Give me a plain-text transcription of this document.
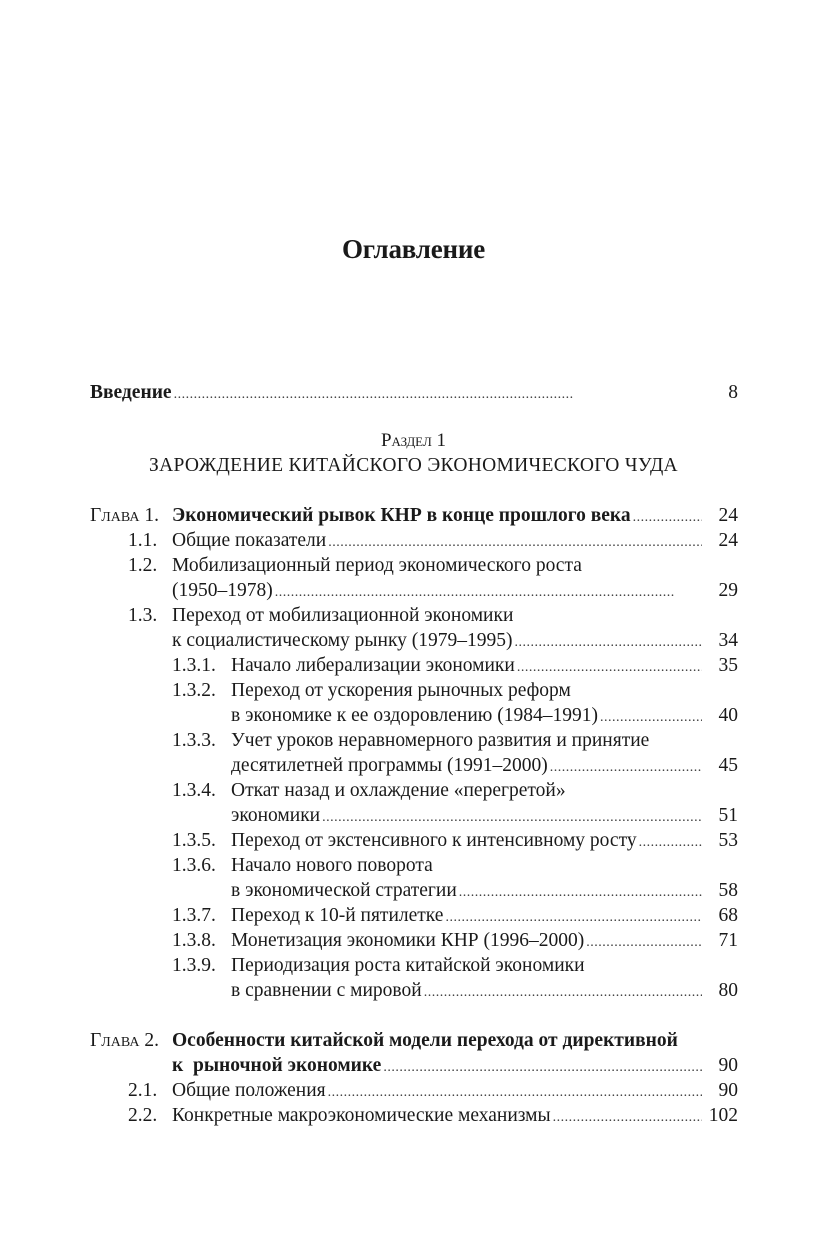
Оглавление
Введение . . .	8
Раздел 1
ЗАРОЖДЕНИЕ КИТАЙСКОГО ЭКОНОМИЧЕСКОГО ЧУДА
Глава 1. Экономический рывок КНР в конце прошлого века . . .	24
1.1. Общие показатели . . .	24
1.2. Мобилизационный период экономического роста
(1950–1978) . . .	29
1.3. Переход от мобилизационной экономики
к социалистическому рынку (1979–1995) . . .	34
1.3.1. Начало либерализации экономики . . .	35
1.3.2. Переход от ускорения рыночных реформ
в экономике к ее оздоровлению (1984–1991) . . .	40
1.3.3. Учет уроков неравномерного развития и принятие
десятилетней программы (1991–2000) . . .	45
1.3.4. Откат назад и охлаждение «перегретой»
экономики . . .	51
1.3.5. Переход от экстенсивного к интенсивному росту . . .	53
1.3.6. Начало нового поворота
в экономической стратегии . . .	58
1.3.7. Переход к 10-й пятилетке . . .	68
1.3.8. Монетизация экономики КНР (1996–2000) . . .	71
1.3.9. Периодизация роста китайской экономики
в сравнении с мировой . . .	80
Глава 2. Особенности китайской модели перехода от директивной
к  рыночной экономике . . .	90
2.1. Общие положения . . .	90
2.2. Конкретные макроэкономические механизмы . . .	102
